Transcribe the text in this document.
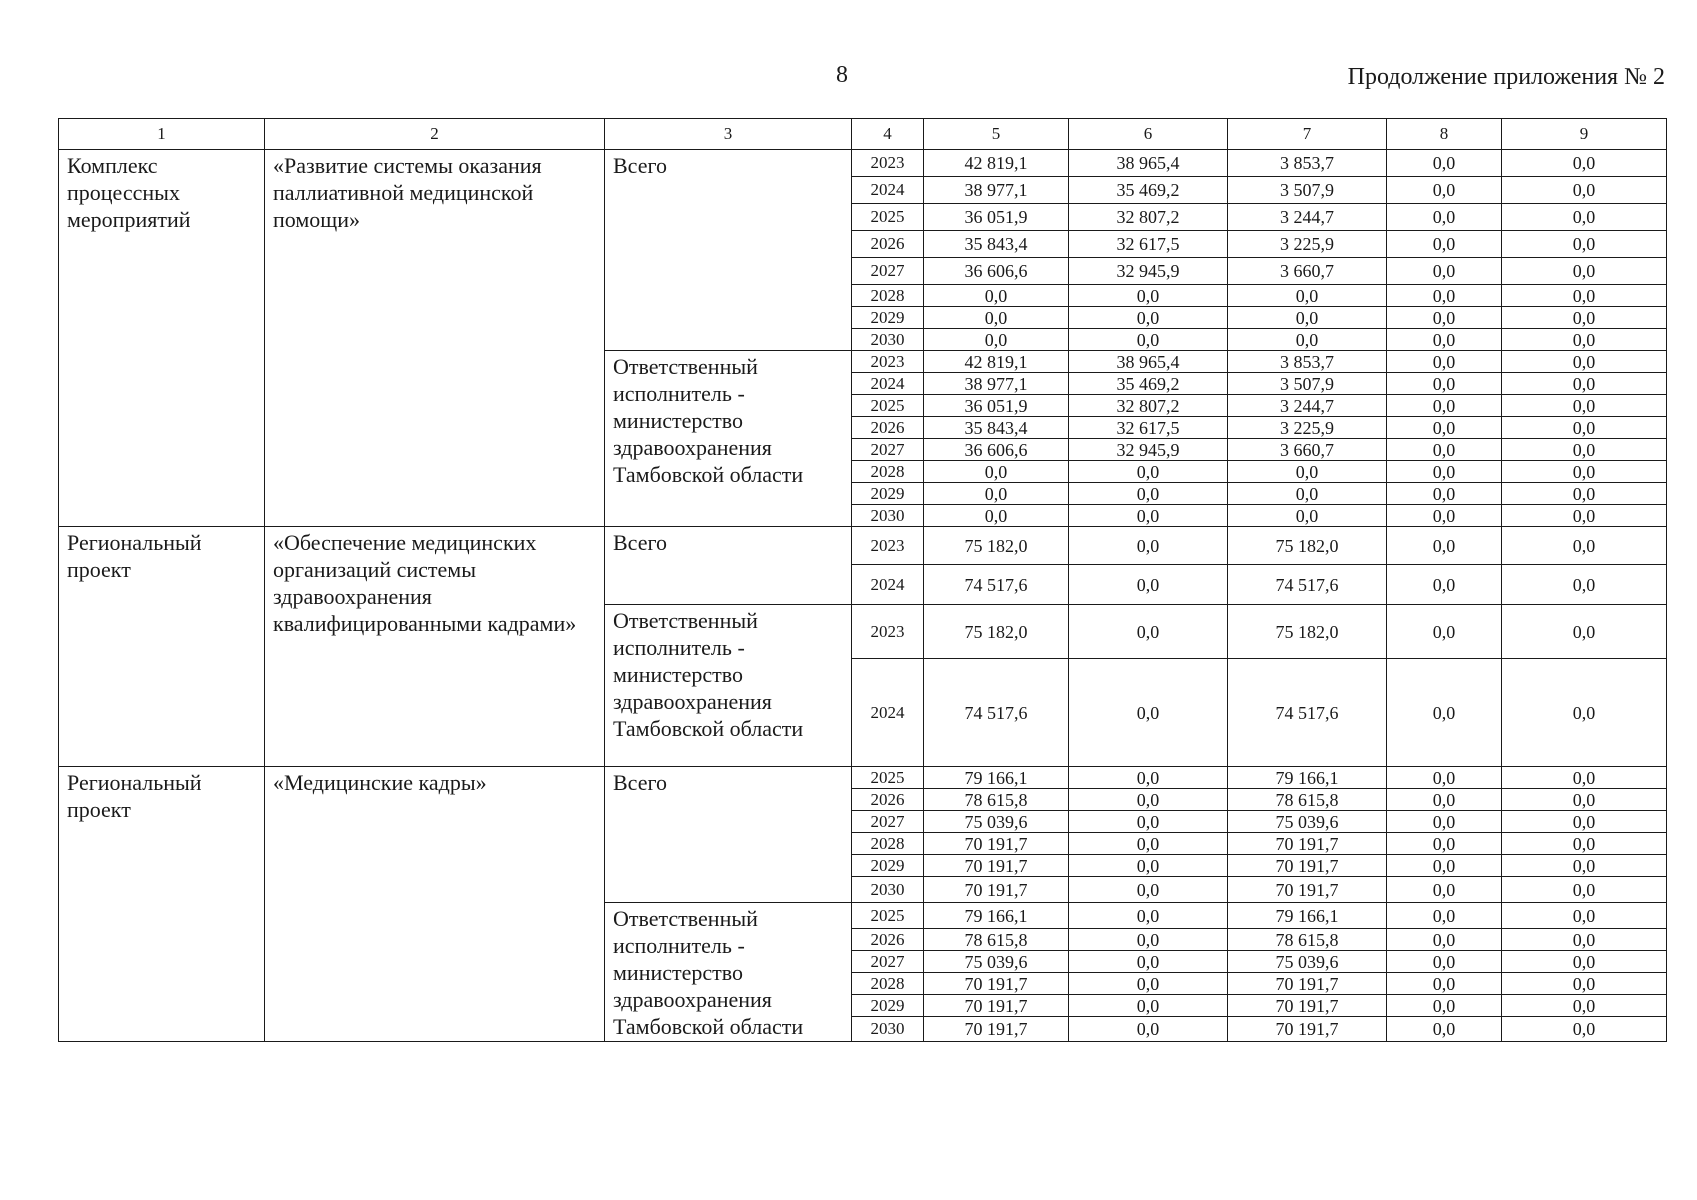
8	Продолжение приложения № 2
1	2	3	4	5	6	7	8	9
Комплекс процессных мероприятий	«Развитие системы оказания паллиативной медицинской помощи»	Всего	2023	42 819,1	38 965,4	3 853,7	0,0	0,0
			2024	38 977,1	35 469,2	3 507,9	0,0	0,0
			2025	36 051,9	32 807,2	3 244,7	0,0	0,0
			2026	35 843,4	32 617,5	3 225,9	0,0	0,0
			2027	36 606,6	32 945,9	3 660,7	0,0	0,0
			2028	0,0	0,0	0,0	0,0	0,0
			2029	0,0	0,0	0,0	0,0	0,0
			2030	0,0	0,0	0,0	0,0	0,0
		Ответственный исполнитель - министерство здравоохранения Тамбовской области	2023	42 819,1	38 965,4	3 853,7	0,0	0,0
			2024	38 977,1	35 469,2	3 507,9	0,0	0,0
			2025	36 051,9	32 807,2	3 244,7	0,0	0,0
			2026	35 843,4	32 617,5	3 225,9	0,0	0,0
			2027	36 606,6	32 945,9	3 660,7	0,0	0,0
			2028	0,0	0,0	0,0	0,0	0,0
			2029	0,0	0,0	0,0	0,0	0,0
			2030	0,0	0,0	0,0	0,0	0,0
Региональный проект	«Обеспечение медицинских организаций системы здравоохранения квалифицированными кадрами»	Всего	2023	75 182,0	0,0	75 182,0	0,0	0,0
			2024	74 517,6	0,0	74 517,6	0,0	0,0
		Ответственный исполнитель - министерство здравоохранения Тамбовской области	2023	75 182,0	0,0	75 182,0	0,0	0,0
			2024	74 517,6	0,0	74 517,6	0,0	0,0
Региональный проект	«Медицинские кадры»	Всего	2025	79 166,1	0,0	79 166,1	0,0	0,0
			2026	78 615,8	0,0	78 615,8	0,0	0,0
			2027	75 039,6	0,0	75 039,6	0,0	0,0
			2028	70 191,7	0,0	70 191,7	0,0	0,0
			2029	70 191,7	0,0	70 191,7	0,0	0,0
			2030	70 191,7	0,0	70 191,7	0,0	0,0
		Ответственный исполнитель - министерство здравоохранения Тамбовской области	2025	79 166,1	0,0	79 166,1	0,0	0,0
			2026	78 615,8	0,0	78 615,8	0,0	0,0
			2027	75 039,6	0,0	75 039,6	0,0	0,0
			2028	70 191,7	0,0	70 191,7	0,0	0,0
			2029	70 191,7	0,0	70 191,7	0,0	0,0
			2030	70 191,7	0,0	70 191,7	0,0	0,0
